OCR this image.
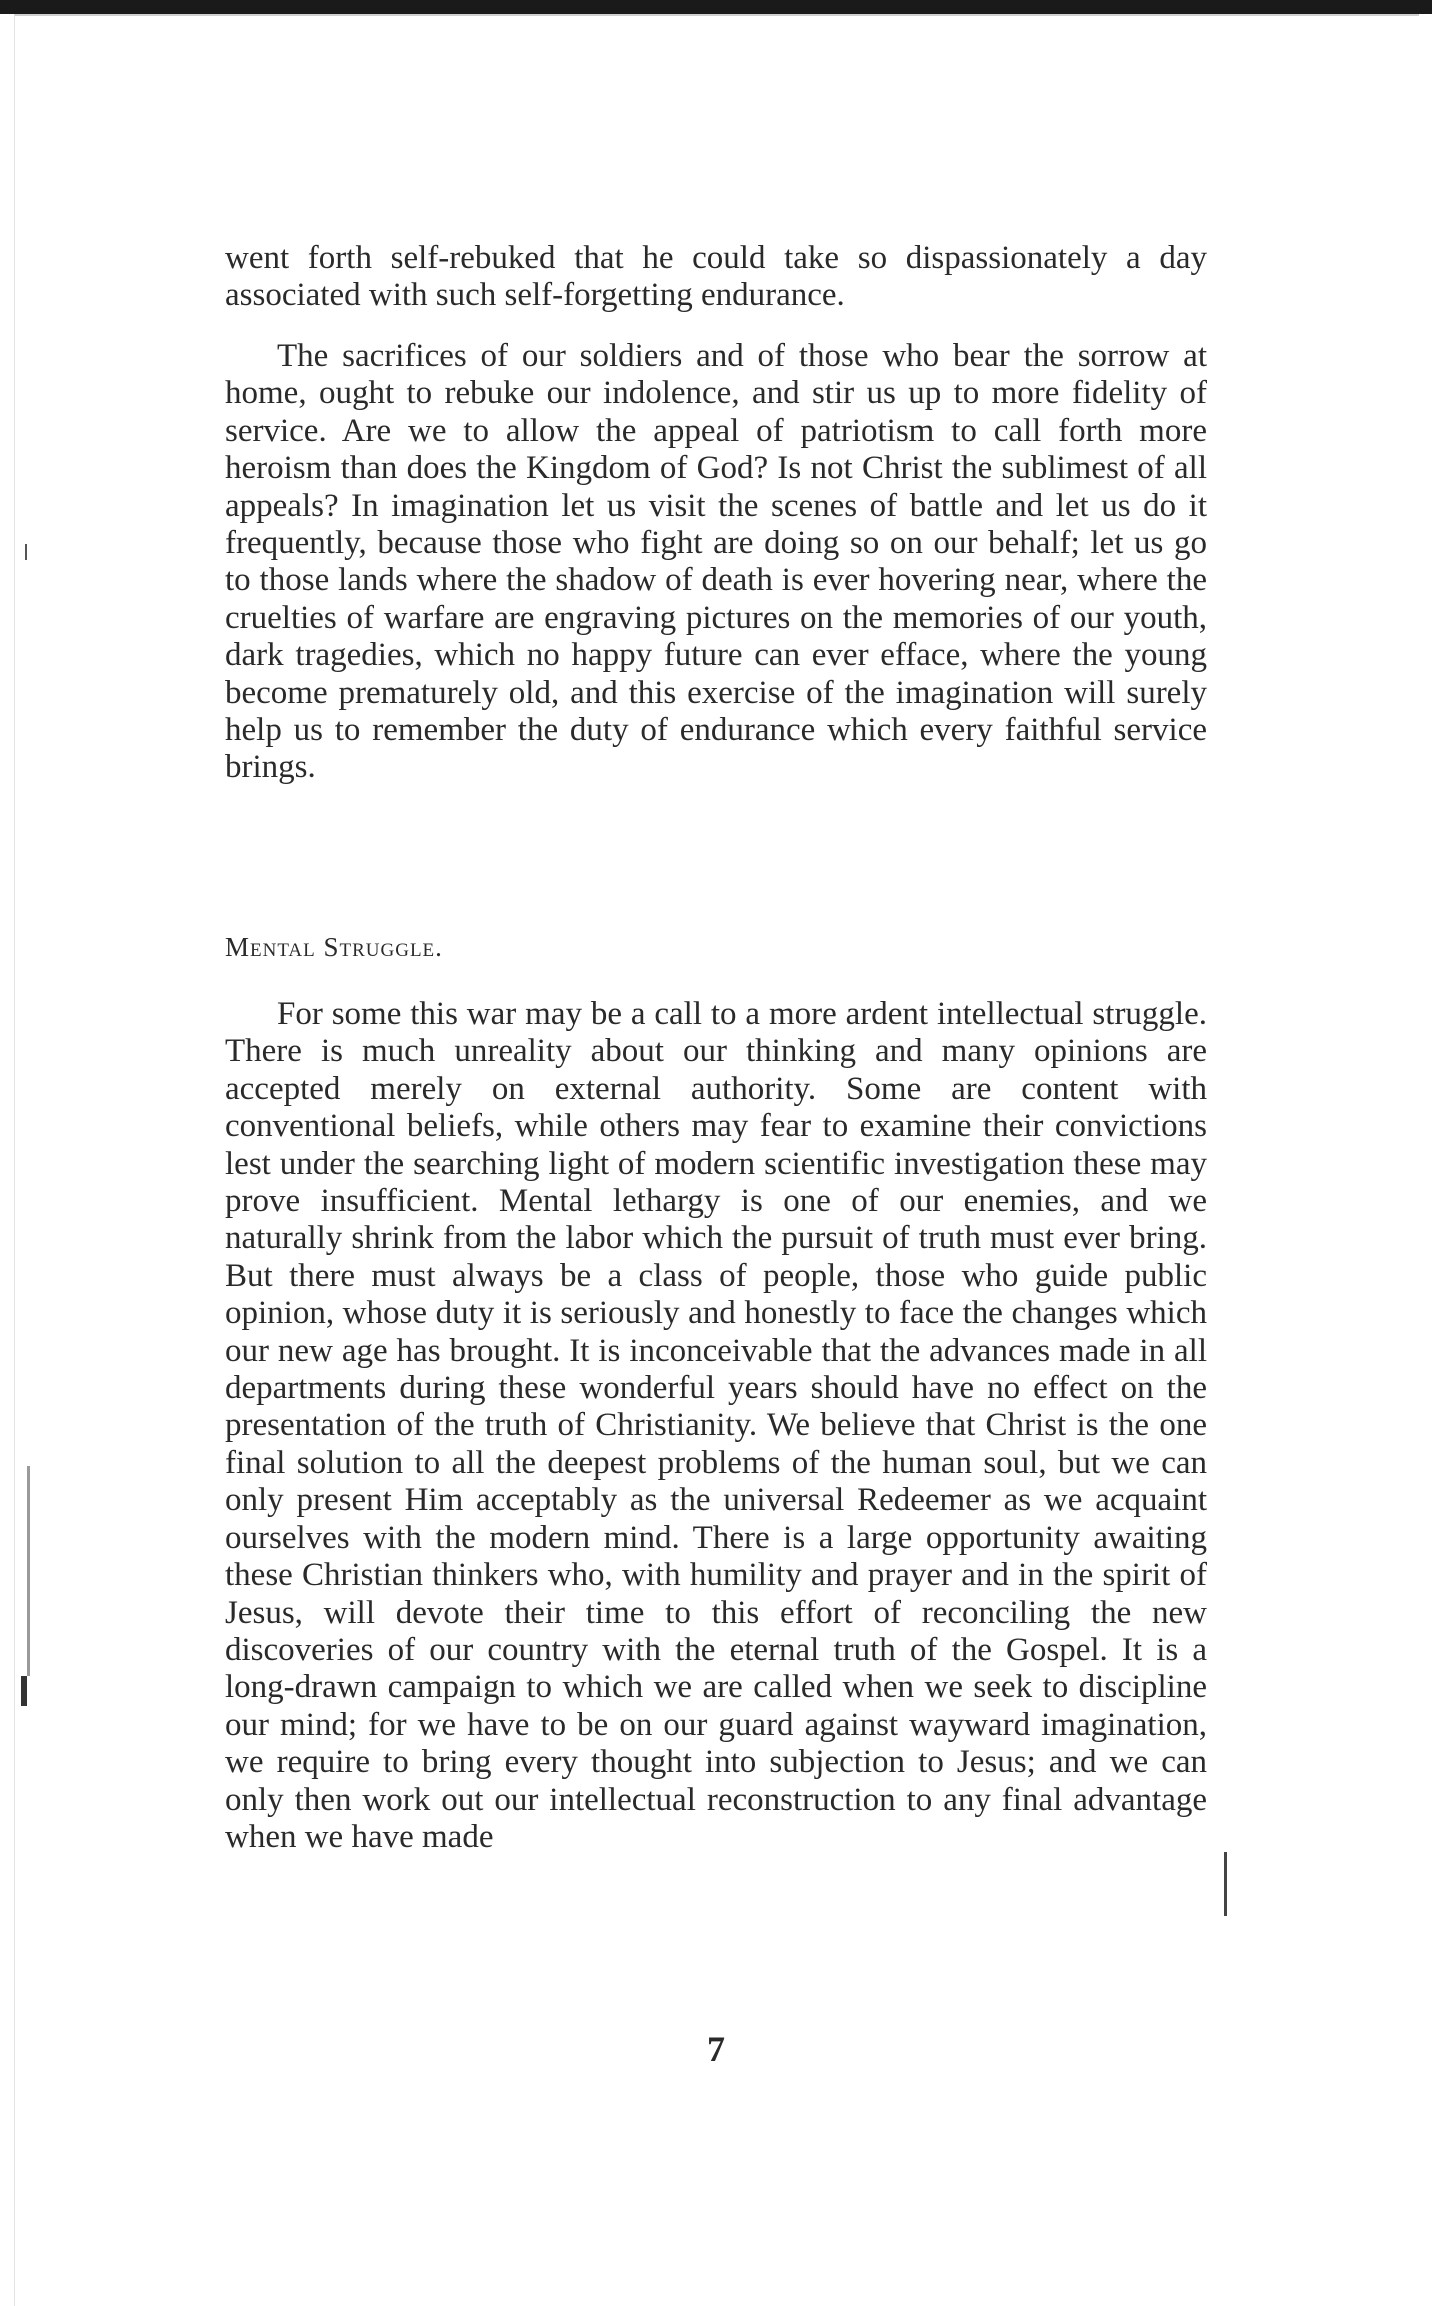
went forth self-rebuked that he could take so dispassionately a day associated with such self-forgetting endurance.

The sacrifices of our soldiers and of those who bear the sorrow at home, ought to rebuke our indolence, and stir us up to more fidelity of service. Are we to allow the appeal of patriotism to call forth more heroism than does the Kingdom of God? Is not Christ the sublimest of all appeals? In imagination let us visit the scenes of battle and let us do it frequently, because those who fight are doing so on our behalf; let us go to those lands where the shadow of death is ever hovering near, where the cruelties of warfare are engraving pictures on the memories of our youth, dark tragedies, which no happy future can ever efface, where the young become prematurely old, and this exercise of the imagination will surely help us to remember the duty of endurance which every faithful service brings.

Mental Struggle.

For some this war may be a call to a more ardent intellectual struggle. There is much unreality about our thinking and many opinions are accepted merely on external authority. Some are content with conventional beliefs, while others may fear to examine their convictions lest under the searching light of modern scientific investigation these may prove insufficient. Mental lethargy is one of our enemies, and we naturally shrink from the labor which the pursuit of truth must ever bring. But there must always be a class of people, those who guide public opinion, whose duty it is seriously and honestly to face the changes which our new age has brought. It is inconceivable that the advances made in all departments during these wonderful years should have no effect on the presentation of the truth of Christianity. We believe that Christ is the one final solution to all the deepest problems of the human soul, but we can only present Him acceptably as the universal Redeemer as we acquaint ourselves with the modern mind. There is a large opportunity awaiting these Christian thinkers who, with humility and prayer and in the spirit of Jesus, will devote their time to this effort of reconciling the new discoveries of our country with the eternal truth of the Gospel. It is a long-drawn campaign to which we are called when we seek to discipline our mind; for we have to be on our guard against wayward imagination, we require to bring every thought into subjection to Jesus; and we can only then work out our intellectual reconstruction to any final advantage when we have made

7
